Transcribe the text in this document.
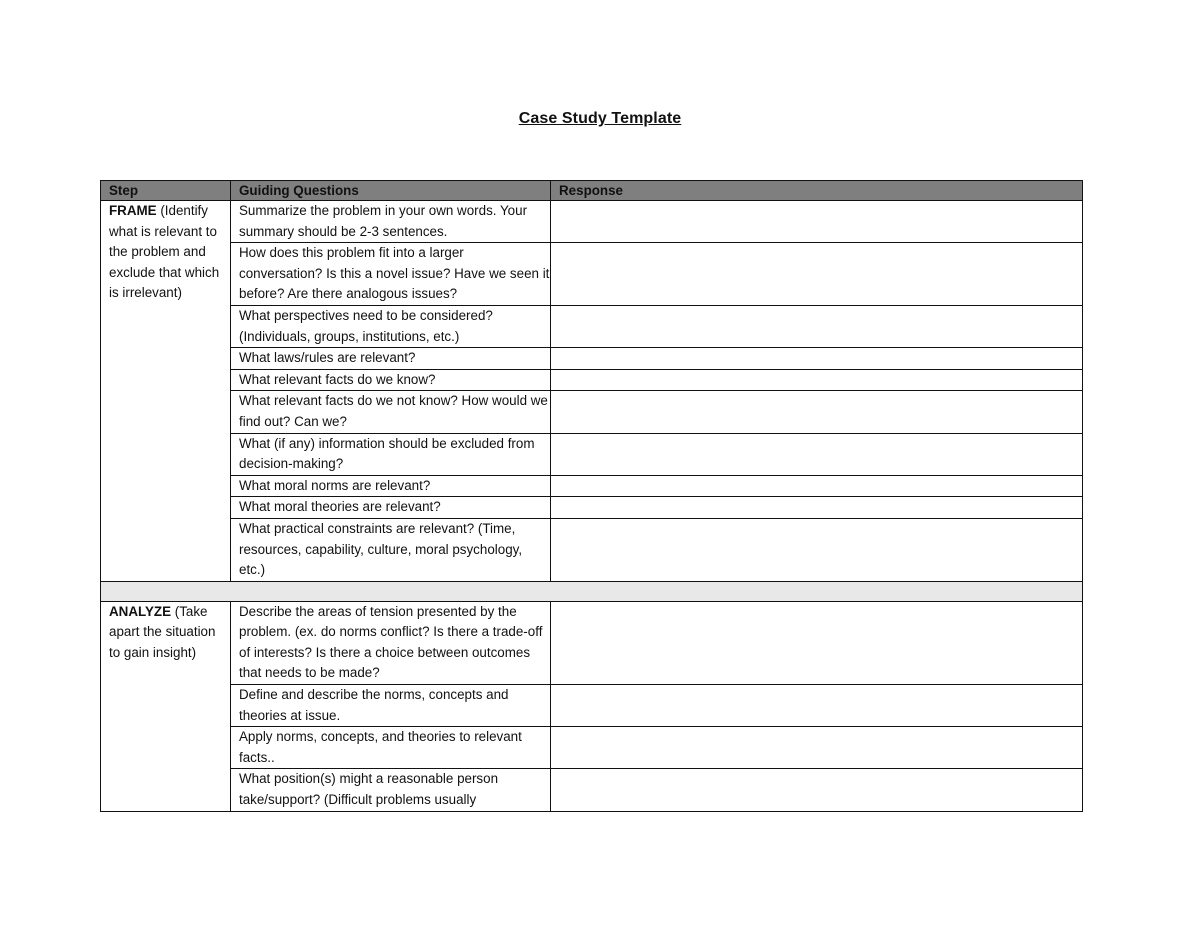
Case Study Template
Step	Guiding Questions	Response
FRAME (Identify what is relevant to the problem and exclude that which is irrelevant)	Summarize the problem in your own words. Your summary should be 2-3 sentences.	
	How does this problem fit into a larger conversation? Is this a novel issue? Have we seen it before? Are there analogous issues?	
	What perspectives need to be considered? (Individuals, groups, institutions, etc.)	
	What laws/rules are relevant?	
	What relevant facts do we know?	
	What relevant facts do we not know? How would we find out? Can we?	
	What (if any) information should be excluded from decision-making?	
	What moral norms are relevant?	
	What moral theories are relevant?	
	What practical constraints are relevant? (Time, resources, capability, culture, moral psychology, etc.)	

ANALYZE (Take apart the situation to gain insight)	Describe the areas of tension presented by the problem. (ex. do norms conflict? Is there a trade-off of interests? Is there a choice between outcomes that needs to be made?	
	Define and describe the norms, concepts and theories at issue.	
	Apply norms, concepts, and theories to relevant facts..	
	What position(s) might a reasonable person take/support? (Difficult problems usually	
